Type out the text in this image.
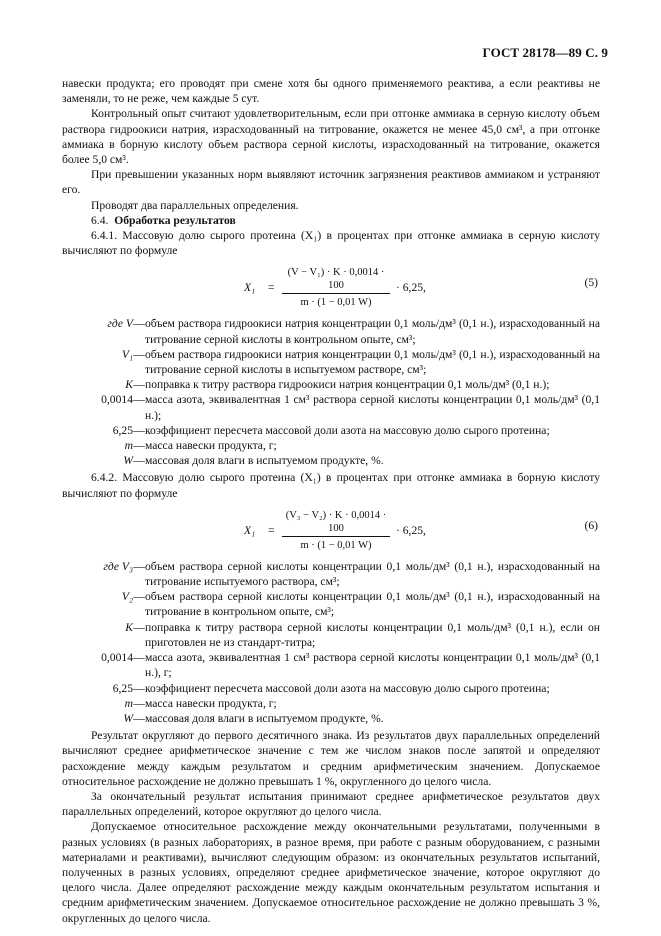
ГОСТ 28178—89 С. 9

навески продукта; его проводят при смене хотя бы одного применяемого реактива, а если реактивы не заменяли, то не реже, чем каждые 5 сут.

Контрольный опыт считают удовлетворительным, если при отгонке аммиака в серную кислоту объем раствора гидроокиси натрия, израсходованный на титрование, окажется не менее 45,0 см³, а при отгонке аммиака в борную кислоту объем раствора серной кислоты, израсходованный на титрование, окажется более 5,0 см³.

При превышении указанных норм выявляют источник загрязнения реактивов аммиаком и устраняют его.

Проводят два параллельных определения.

6.4. Обработка результатов

6.4.1. Массовую долю сырого протеина (X₁) в процентах при отгонке аммиака в серную кислоту вычисляют по формуле

$X_1 = \frac{\text{(V − V₁) · K · 0,0014 · 100}}{m \cdot (1 - 0,01 W)} \cdot 6,25$,	(5)
где V — объем раствора гидроокиси натрия концентрации 0,1 моль/дм³ (0,1 н.), израсходованный на титрование серной кислоты в контрольном опыте, см³;
V₁ — объем раствора гидроокиси натрия концентрации 0,1 моль/дм³ (0,1 н.), израсходованный на титрование серной кислоты в испытуемом растворе, см³;
K — поправка к титру раствора гидроокиси натрия концентрации 0,1 моль/дм³ (0,1 н.);
0,0014 — масса азота, эквивалентная 1 см³ раствора серной кислоты концентрации 0,1 моль/дм³ (0,1 н.);
6,25 — коэффициент пересчета массовой доли азота на массовую долю сырого протеина;
m — масса навески продукта, г;
W — массовая доля влаги в испытуемом продукте, %.

6.4.2. Массовую долю сырого протеина (X₁) в процентах при отгонке аммиака в борную кислоту вычисляют по формуле

$X_1 = \frac{\text{(V₃ − V₂) · K · 0,0014 · 100}}{m \cdot (1 - 0,01 W)} \cdot 6,25$,	(6)
где V₃ — объем раствора серной кислоты концентрации 0,1 моль/дм³ (0,1 н.), израсходованный на титрование испытуемого раствора, см³;
V₂ — объем раствора серной кислоты концентрации 0,1 моль/дм³ (0,1 н.), израсходованный на титрование в контрольном опыте, см³;
K — поправка к титру раствора серной кислоты концентрации 0,1 моль/дм³ (0,1 н.), если он приготовлен не из стандарт-титра;
0,0014 — масса азота, эквивалентная 1 см³ раствора серной кислоты концентрации 0,1 моль/дм³ (0,1 н.), г;
6,25 — коэффициент пересчета массовой доли азота на массовую долю сырого протеина;
m — масса навески продукта, г;
W — массовая доля влаги в испытуемом продукте, %.

Результат округляют до первого десятичного знака. Из результатов двух параллельных определений вычисляют среднее арифметическое значение с тем же числом знаков после запятой и определяют расхождение между каждым результатом и средним арифметическим значением. Допускаемое относительное расхождение не должно превышать 1 %, округленного до целого числа.

За окончательный результат испытания принимают среднее арифметическое результатов двух параллельных определений, которое округляют до целого числа.

Допускаемое относительное расхождение между окончательными результатами, полученными в разных условиях (в разных лабораториях, в разное время, при работе с разным оборудованием, с разными материалами и реактивами), вычисляют следующим образом: из окончательных результатов испытаний, полученных в разных условиях, определяют среднее арифметическое значение, которое округляют до целого числа. Далее определяют расхождение между каждым окончательным результатом испытания и средним арифметическим значением. Допускаемое относительное расхождение не должно превышать 3 %, округленных до целого числа.
